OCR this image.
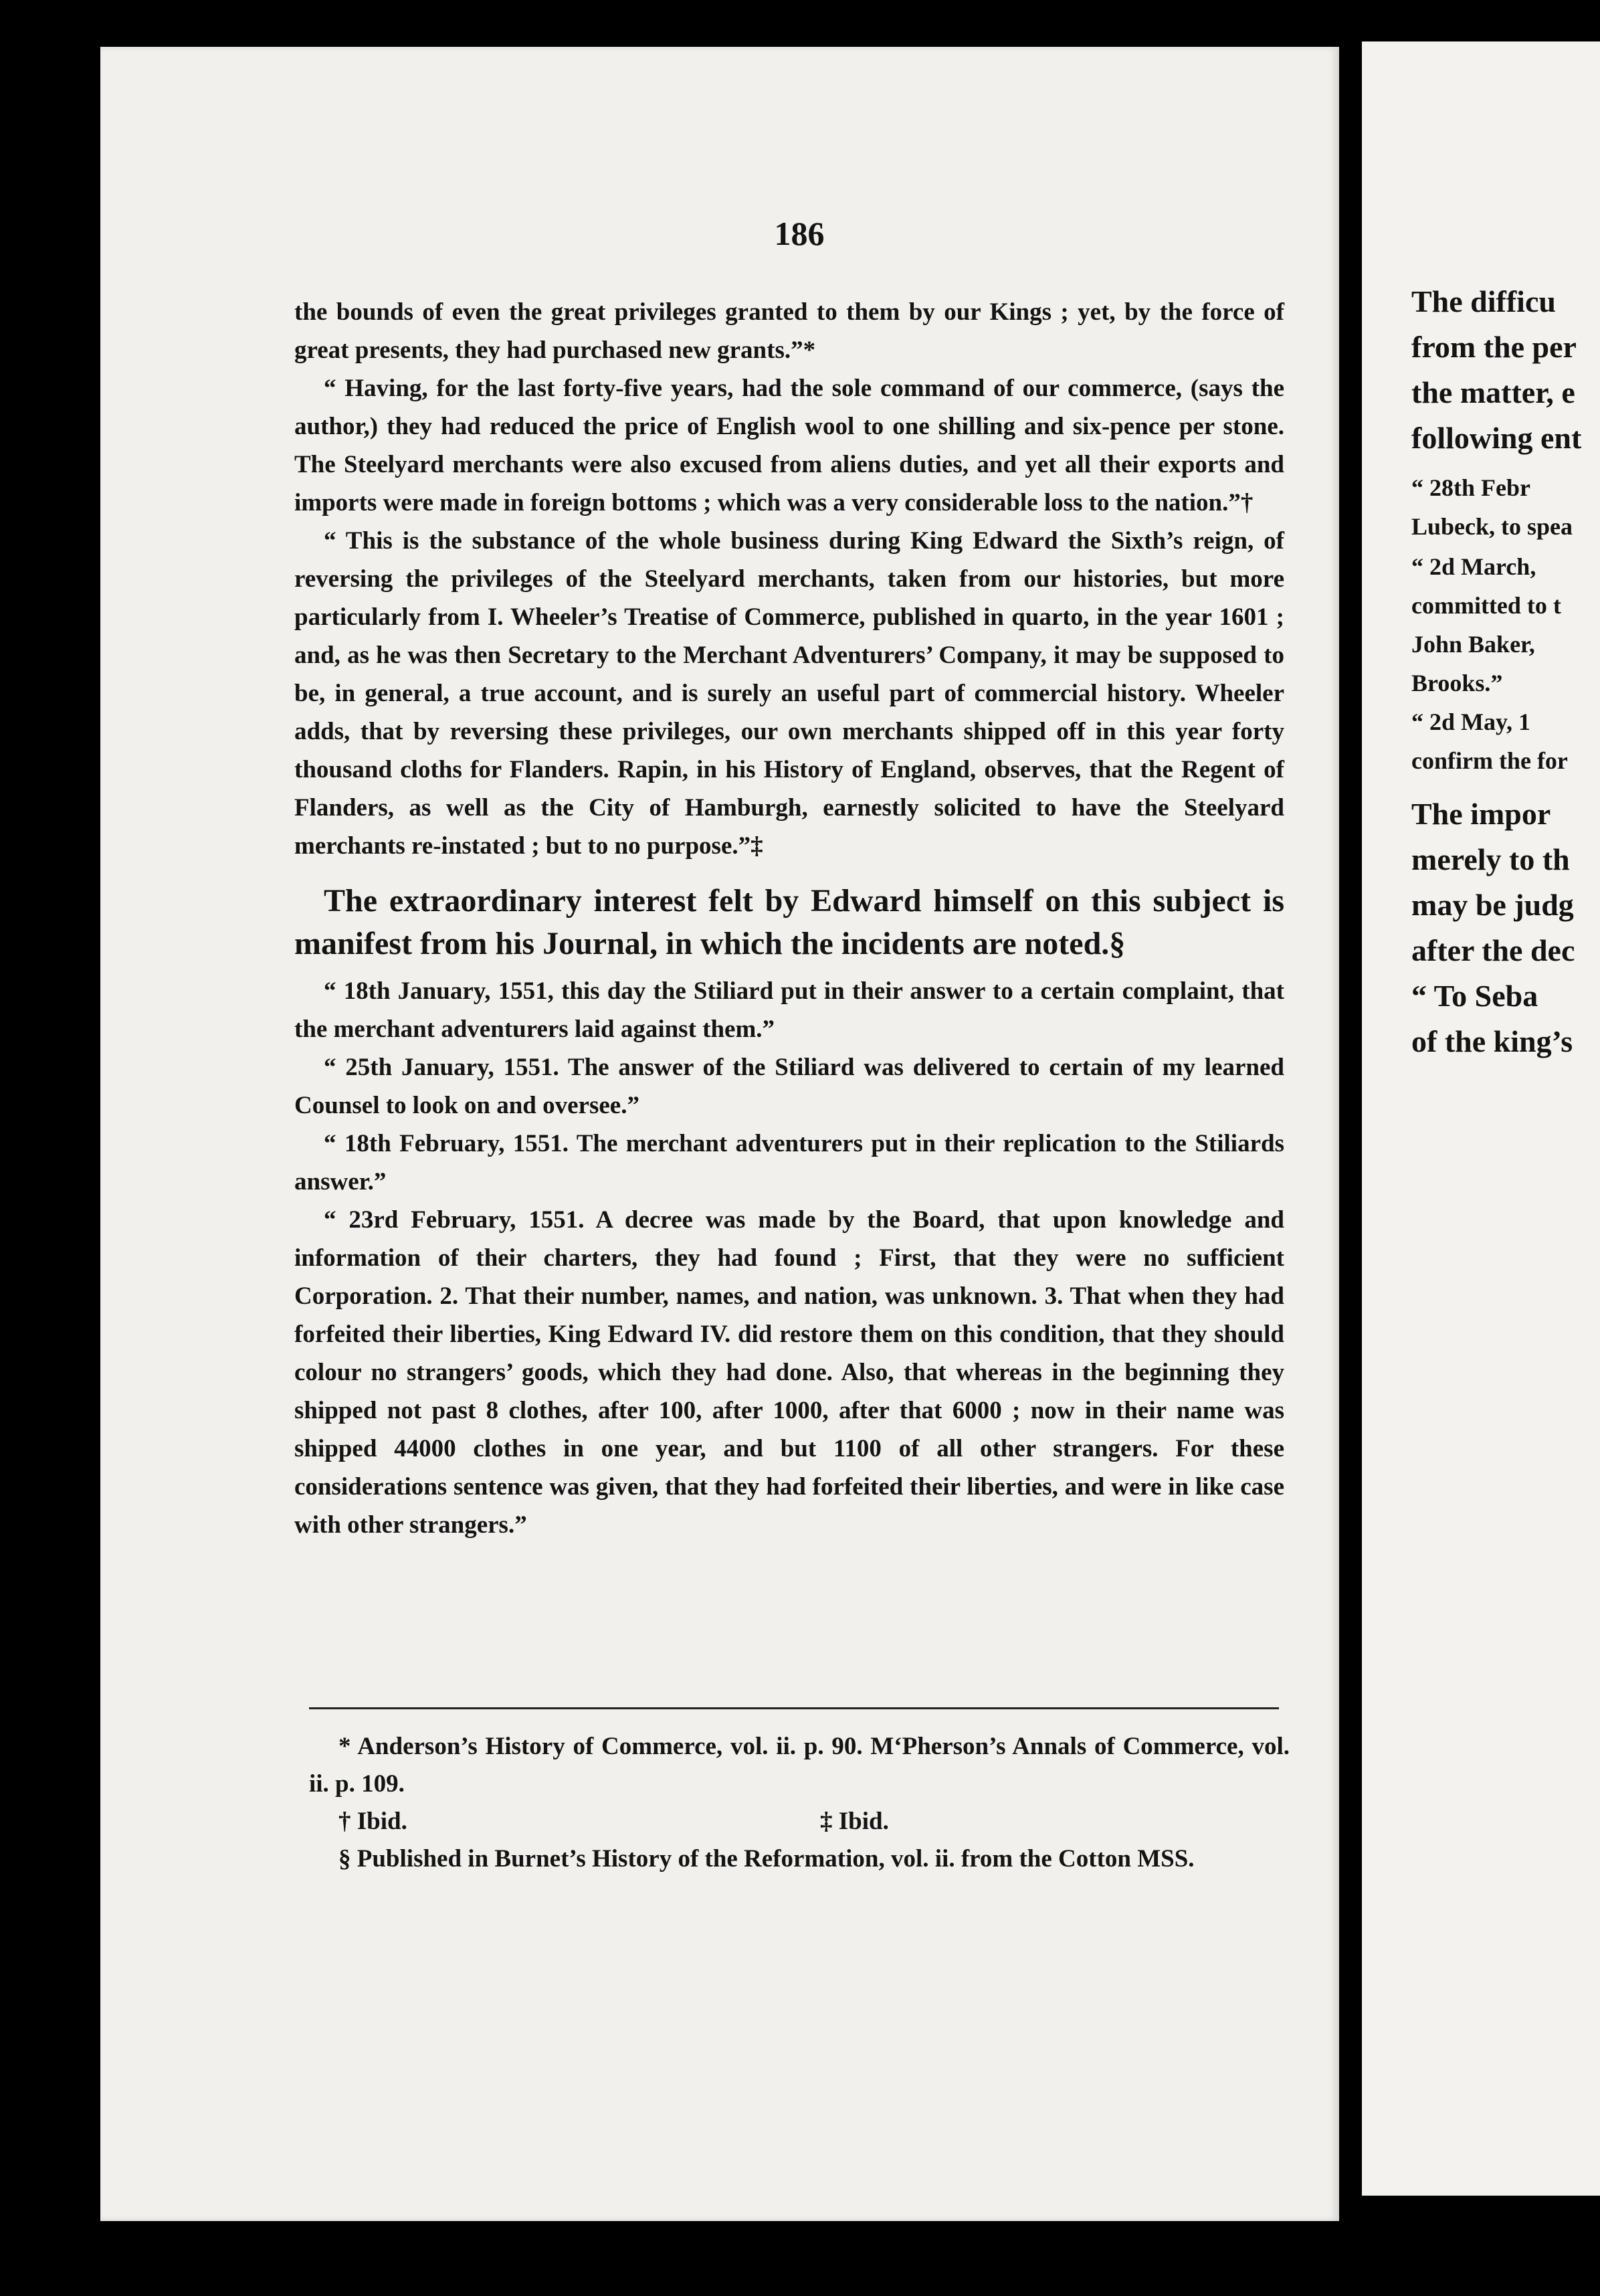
The difficu

from the per

the matter, e

following ent

“ 28th Febr

Lubeck, to spea

“ 2d March,

committed to t

John Baker,

Brooks.”

“ 2d May, 1

confirm the for

The impor

merely to th

may be judg

after the dec

“ To Seba

of the king’s

186

the bounds of even the great privileges granted to them by our Kings ; yet, by the force of great presents, they had purchased new grants.”*

“ Having, for the last forty-five years, had the sole command of our commerce, (says the author,) they had reduced the price of English wool to one shilling and six-pence per stone. The Steelyard merchants were also excused from aliens duties, and yet all their exports and imports were made in foreign bottoms ; which was a very considerable loss to the nation.”†

“ This is the substance of the whole business during King Edward the Sixth’s reign, of reversing the privileges of the Steelyard merchants, taken from our histories, but more particularly from I. Wheeler’s Treatise of Commerce, published in quarto, in the year 1601 ; and, as he was then Secretary to the Merchant Adventurers’ Company, it may be supposed to be, in general, a true account, and is surely an useful part of commercial history. Wheeler adds, that by reversing these privileges, our own merchants shipped off in this year forty thousand cloths for Flanders. Rapin, in his History of England, observes, that the Regent of Flanders, as well as the City of Hamburgh, earnestly solicited to have the Steelyard merchants re-instated ; but to no purpose.”‡

The extraordinary interest felt by Edward himself on this subject is manifest from his Journal, in which the incidents are noted.§

“ 18th January, 1551, this day the Stiliard put in their answer to a certain complaint, that the merchant adventurers laid against them.”

“ 25th January, 1551. The answer of the Stiliard was delivered to certain of my learned Counsel to look on and oversee.”

“ 18th February, 1551. The merchant adventurers put in their replication to the Stiliards answer.”

“ 23rd February, 1551. A decree was made by the Board, that upon knowledge and information of their charters, they had found ; First, that they were no sufficient Corporation. 2. That their number, names, and nation, was unknown. 3. That when they had forfeited their liberties, King Edward IV. did restore them on this condition, that they should colour no strangers’ goods, which they had done. Also, that whereas in the beginning they shipped not past 8 clothes, after 100, after 1000, after that 6000 ; now in their name was shipped 44000 clothes in one year, and but 1100 of all other strangers. For these considerations sentence was given, that they had forfeited their liberties, and were in like case with other strangers.”

* Anderson’s History of Commerce, vol. ii. p. 90. M‘Pherson’s Annals of Commerce, vol. ii. p. 109.

† Ibid.	‡ Ibid.

§ Published in Burnet’s History of the Reformation, vol. ii. from the Cotton MSS.
